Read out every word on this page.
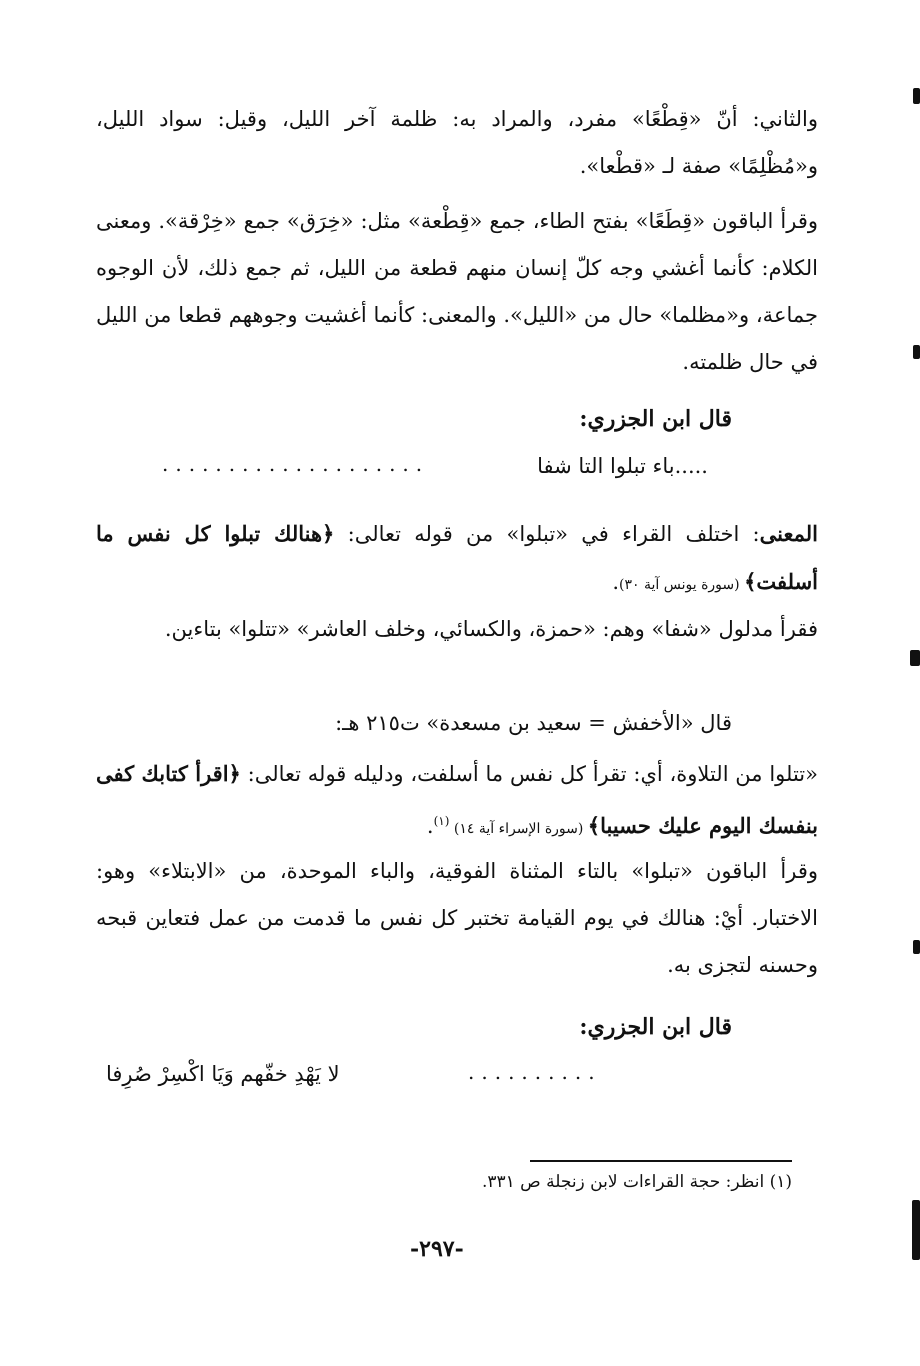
والثاني: أنّ «قِطْعًا» مفرد، والمراد به: ظلمة آخر الليل، وقيل: سواد الليل، و«مُظْلِمًا» صفة لـ «قطْعا».

وقرأ الباقون «قِطَعًا» بفتح الطاء، جمع «قِطْعة» مثل: «خِرَق» جمع «خِرْقة». ومعنى الكلام: كأنما أغشي وجه كلّ إنسان منهم قطعة من الليل، ثم جمع ذلك، لأن الوجوه جماعة، و«مظلما» حال من «الليل». والمعنى: كأنما أغشيت وجوههم قطعا من الليل في حال ظلمته.

قال ابن الجزري:
.....باء تبلوا التا شفا
....................

المعنى: اختلف القراء في «تبلوا» من قوله تعالى: ﴿هنالك تبلوا كل نفس ما أسلفت﴾ (سورة يونس آية ٣٠).

فقرأ مدلول «شفا» وهم: «حمزة، والكسائي، وخلف العاشر» «تتلوا» بتاءين.

قال «الأخفش = سعيد بن مسعدة» ت٢١٥ هـ:

«تتلوا من التلاوة، أي: تقرأ كل نفس ما أسلفت، ودليله قوله تعالى: ﴿اقرأ كتابك كفى بنفسك اليوم عليك حسيبا﴾ (سورة الإسراء آية ١٤) $^{(١)}$.

وقرأ الباقون «تبلوا» بالتاء المثناة الفوقية، والباء الموحدة، من «الابتلاء» وهو: الاختبار. أيْ: هنالك في يوم القيامة تختبر كل نفس ما قدمت من عمل فتعاين قبحه وحسنه لتجزى به.

قال ابن الجزري:
لا يَهْدِ خفّهم وَيَا اكْسِرْ صُرِفا	..........
(١) انظر: حجة القراءات لابن زنجلة ص ٣٣١.
-٢٩٧-
